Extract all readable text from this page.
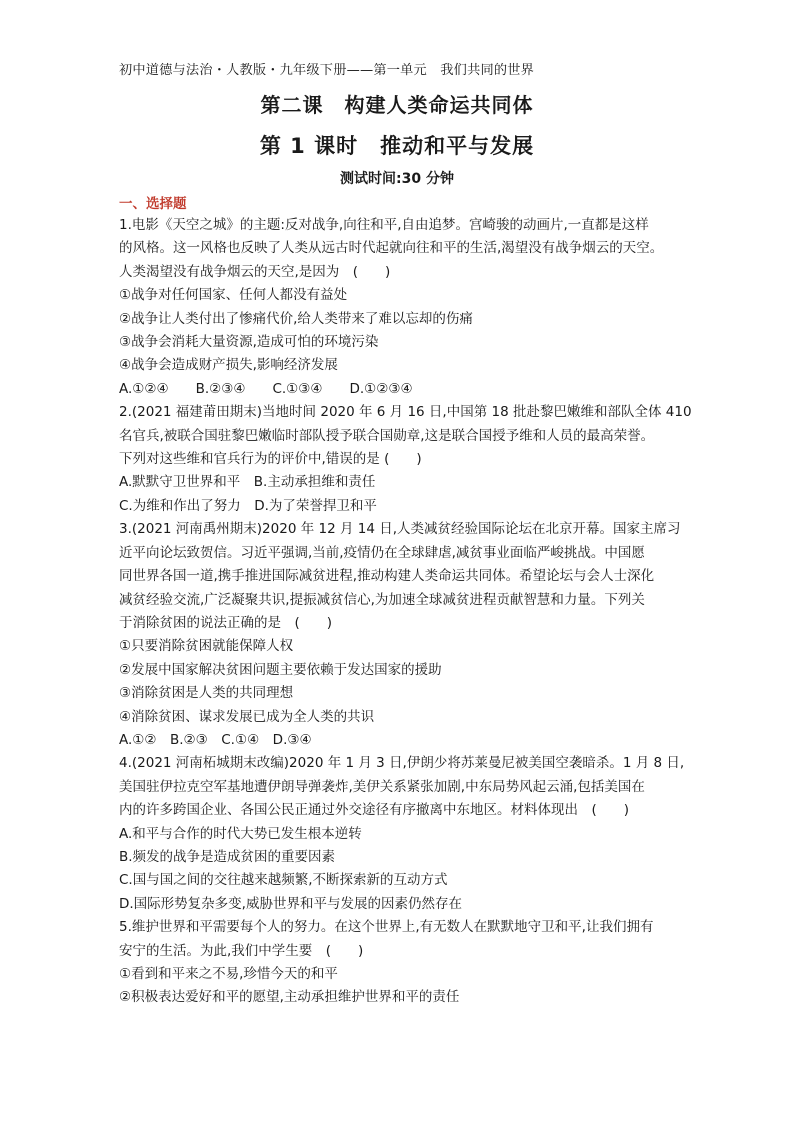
初中道德与法治・人教版・九年级下册——第一单元　我们共同的世界
第二课　构建人类命运共同体
第 1 课时　推动和平与发展
测试时间:30 分钟
一、选择题

1.电影《天空之城》的主题:反对战争,向往和平,自由追梦。宫崎骏的动画片,一直都是这样

的风格。这一风格也反映了人类从远古时代起就向往和平的生活,渴望没有战争烟云的天空。

人类渴望没有战争烟云的天空,是因为　(　　)

①战争对任何国家、任何人都没有益处

②战争让人类付出了惨痛代价,给人类带来了难以忘却的伤痛

③战争会消耗大量资源,造成可怕的环境污染

④战争会造成财产损失,影响经济发展

A.①②④　　B.②③④　　C.①③④　　D.①②③④

2.(2021 福建莆田期末)当地时间 2020 年 6 月 16 日,中国第 18 批赴黎巴嫩维和部队全体 410

名官兵,被联合国驻黎巴嫩临时部队授予联合国勋章,这是联合国授予维和人员的最高荣誉。

下列对这些维和官兵行为的评价中,错误的是 (　　)

A.默默守卫世界和平　B.主动承担维和责任

C.为维和作出了努力　D.为了荣誉捍卫和平

3.(2021 河南禹州期末)2020 年 12 月 14 日,人类减贫经验国际论坛在北京开幕。国家主席习

近平向论坛致贺信。习近平强调,当前,疫情仍在全球肆虐,减贫事业面临严峻挑战。中国愿

同世界各国一道,携手推进国际减贫进程,推动构建人类命运共同体。希望论坛与会人士深化

减贫经验交流,广泛凝聚共识,提振减贫信心,为加速全球减贫进程贡献智慧和力量。下列关

于消除贫困的说法正确的是　(　　)

①只要消除贫困就能保障人权

②发展中国家解决贫困问题主要依赖于发达国家的援助

③消除贫困是人类的共同理想

④消除贫困、谋求发展已成为全人类的共识

A.①②　B.②③　C.①④　D.③④

4.(2021 河南柘城期末改编)2020 年 1 月 3 日,伊朗少将苏莱曼尼被美国空袭暗杀。1 月 8 日,

美国驻伊拉克空军基地遭伊朗导弹袭炸,美伊关系紧张加剧,中东局势风起云涌,包括美国在

内的许多跨国企业、各国公民正通过外交途径有序撤离中东地区。材料体现出　(　　)

A.和平与合作的时代大势已发生根本逆转

B.频发的战争是造成贫困的重要因素

C.国与国之间的交往越来越频繁,不断探索新的互动方式

D.国际形势复杂多变,威胁世界和平与发展的因素仍然存在

5.维护世界和平需要每个人的努力。在这个世界上,有无数人在默默地守卫和平,让我们拥有

安宁的生活。为此,我们中学生要　(　　)

①看到和平来之不易,珍惜今天的和平

②积极表达爱好和平的愿望,主动承担维护世界和平的责任
